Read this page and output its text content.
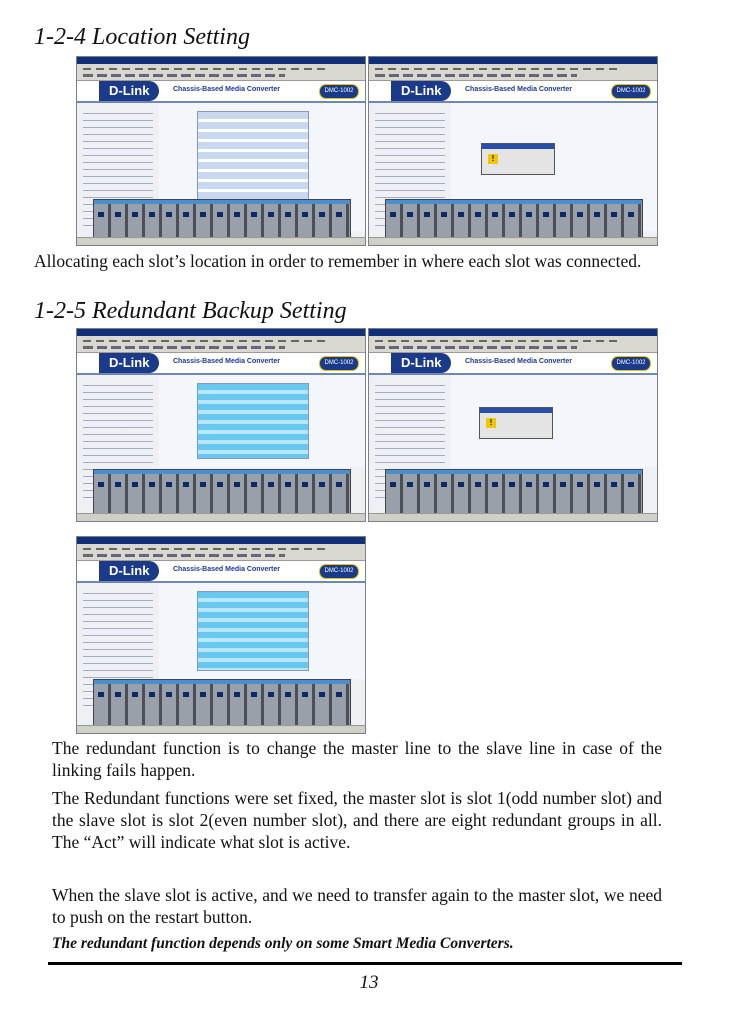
1-2-4 Location Setting
D-Link	Chassis-Based Media Converter	DMC-1002	D-Link	Chassis-Based Media Converter	DMC-1002
!
Allocating each slot’s location in order to remember in where each slot was connected.
1-2-5 Redundant Backup Setting
D-Link	Chassis-Based Media Converter	DMC-1002	D-Link	Chassis-Based Media Converter	DMC-1002
!
D-Link	Chassis-Based Media Converter	DMC-1002
The redundant function is to change the master line to the slave line in case of the linking fails happen.
The Redundant functions were set fixed, the master slot is slot 1(odd number slot) and the slave slot is slot 2(even number slot), and there are eight redundant groups in all. The “Act” will indicate what slot is active.
When the slave slot is active, and we need to transfer again to the master slot, we need to push on the restart button.
The redundant function depends only on some Smart Media Converters.
13
